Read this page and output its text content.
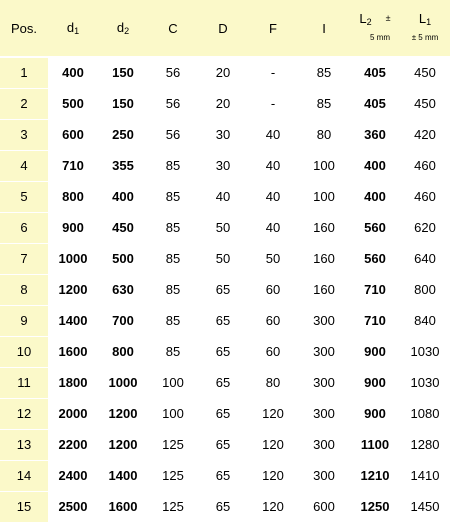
Pos.	$d_1$	$d_2$	C	D	F	I	$L_2$ ±
5 mm	$L_1$
± 5 mm

1	400	150	56	20	-	85	405	450
2	500	150	56	20	-	85	405	450
3	600	250	56	30	40	80	360	420
4	710	355	85	30	40	100	400	460
5	800	400	85	40	40	100	400	460
6	900	450	85	50	40	160	560	620
7	1000	500	85	50	50	160	560	640
8	1200	630	85	65	60	160	710	800
9	1400	700	85	65	60	300	710	840
10	1600	800	85	65	60	300	900	1030
11	1800	1000	100	65	80	300	900	1030
12	2000	1200	100	65	120	300	900	1080
13	2200	1200	125	65	120	300	1100	1280
14	2400	1400	125	65	120	300	1210	1410
15	2500	1600	125	65	120	600	1250	1450
